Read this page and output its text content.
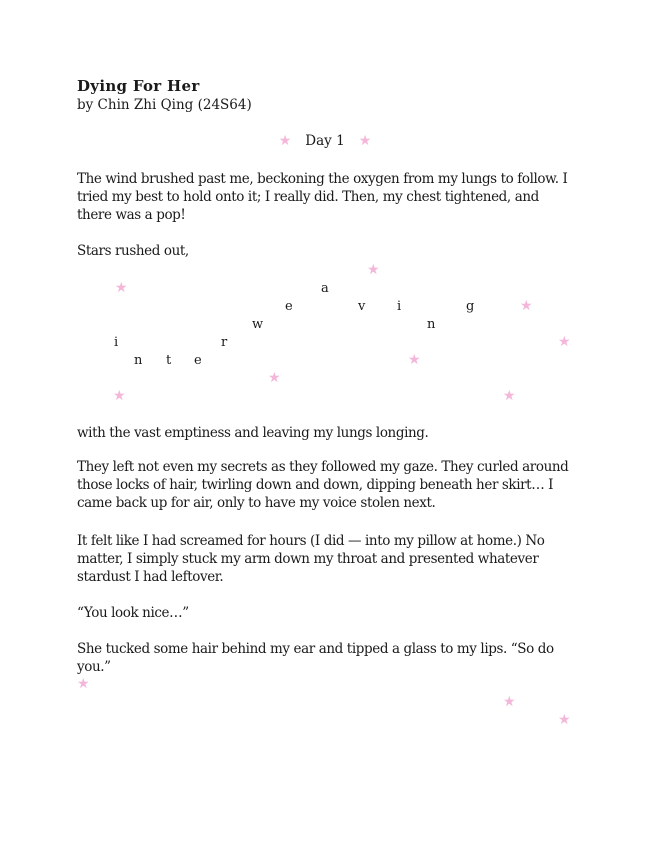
Dying For Her
by Chin Zhi Qing (24S64)
★ Day 1 ★
The wind brushed past me, beckoning the oxygen from my lungs to follow. I tried my best to hold onto it; I really did. Then, my chest tightened, and there was a pop!
Stars rushed out,
★
★
★
★
★
★
★	★
a
e	v i	g
w	n
i	r
n t e
with the vast emptiness and leaving my lungs longing.
They left not even my secrets as they followed my gaze. They curled around those locks of hair, twirling down and down, dipping beneath her skirt… I came back up for air, only to have my voice stolen next.
It felt like I had screamed for hours (I did — into my pillow at home.) No matter, I simply stuck my arm down my throat and presented whatever stardust I had leftover.
“You look nice…”
She tucked some hair behind my ear and tipped a glass to my lips. “So do you.”
★
★
★
